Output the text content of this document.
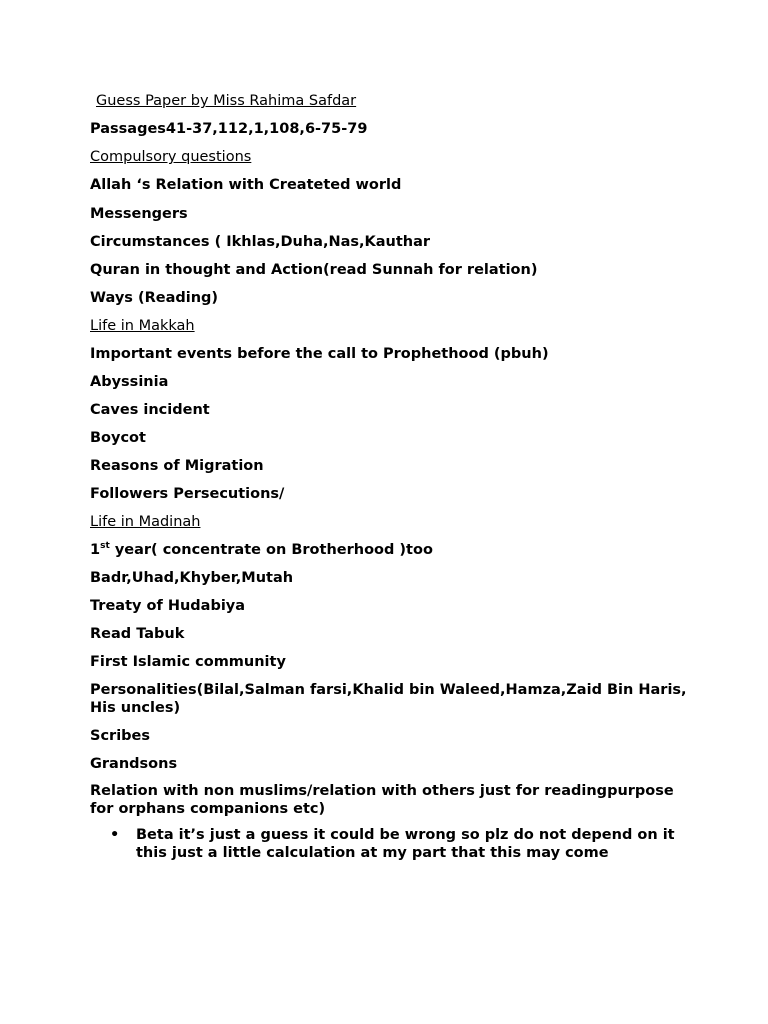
Guess Paper by Miss Rahima Safdar
Passages41-37,112,1,108,6-75-79
Compulsory questions
Allah ‘s Relation with Createted world
Messengers
Circumstances ( Ikhlas,Duha,Nas,Kauthar
Quran in thought and Action(read Sunnah for relation)
Ways (Reading)
Life in Makkah
Important events before the call to Prophethood (pbuh)
Abyssinia
Caves incident
Boycot
Reasons of Migration
Followers Persecutions/
Life in Madinah
1st year( concentrate on Brotherhood )too
Badr,Uhad,Khyber,Mutah
Treaty of Hudabiya
Read Tabuk
First Islamic community
Personalities(Bilal,Salman farsi,Khalid bin Waleed,Hamza,Zaid Bin Haris, His uncles)
Scribes
Grandsons
Relation with non muslims/relation with others just for readingpurpose for orphans companions etc)
• Beta it’s just a guess it could be wrong so plz do not depend on it this just a little calculation at my part that this may come
